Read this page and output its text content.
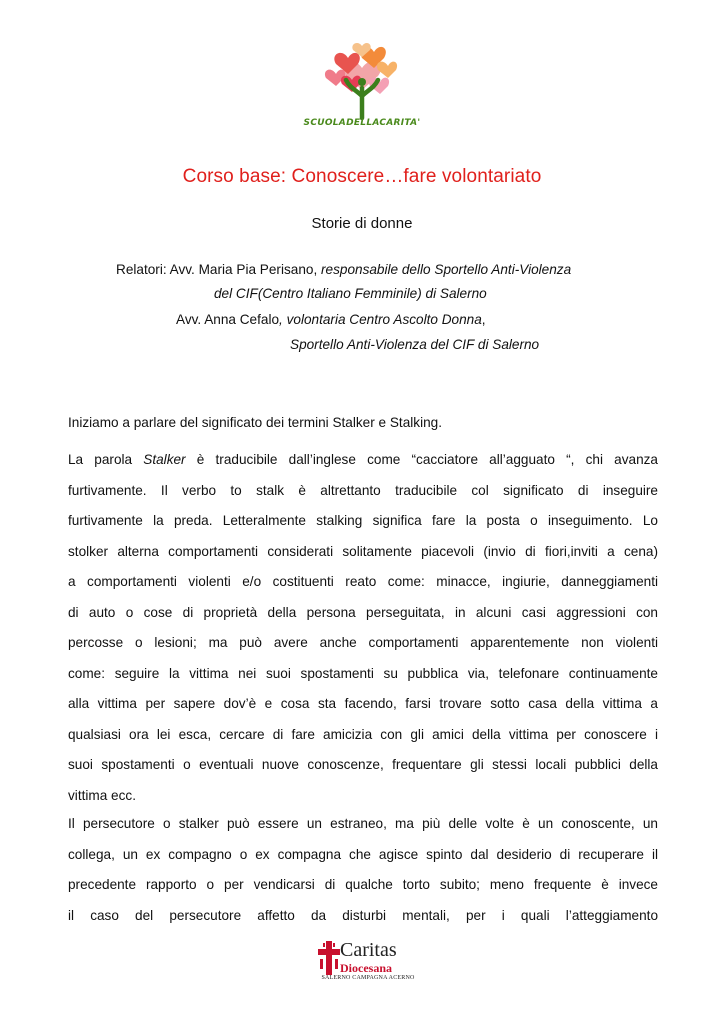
SCUOLADELLACARITA'
Corso base: Conoscere…fare volontariato
Storie di donne
Relatori: Avv. Maria Pia Perisano, responsabile dello Sportello Anti-Violenza
del CIF(Centro Italiano Femminile) di Salerno
Avv. Anna Cefalo, volontaria Centro Ascolto Donna,
Sportello Anti-Violenza del CIF di Salerno
Iniziamo a parlare del significato dei termini Stalker e Stalking.
La parola Stalker è traducibile dall’inglese come “cacciatore all’agguato “, chi avanza
furtivamente. Il verbo to stalk è altrettanto traducibile col significato di inseguire
furtivamente la preda. Letteralmente stalking significa fare la posta o inseguimento. Lo
stolker alterna comportamenti considerati solitamente piacevoli (invio di fiori,inviti a cena)
a comportamenti violenti e/o costituenti reato come: minacce, ingiurie, danneggiamenti
di auto o cose di proprietà della persona perseguitata, in alcuni casi aggressioni con
percosse o lesioni; ma può avere anche comportamenti apparentemente non violenti
come: seguire la vittima nei suoi spostamenti su pubblica via, telefonare continuamente
alla vittima per sapere dov’è e cosa sta facendo, farsi trovare sotto casa della vittima a
qualsiasi ora lei esca, cercare di fare amicizia con gli amici della vittima per conoscere i
suoi spostamenti o eventuali nuove conoscenze, frequentare gli stessi locali pubblici della
vittima ecc.
Il persecutore o stalker può essere un estraneo, ma più delle volte è un conoscente, un
collega, un ex compagno o ex compagna che agisce spinto dal desiderio di recuperare il
precedente rapporto o per vendicarsi di qualche torto subito; meno frequente è invece
il caso del persecutore affetto da disturbi mentali, per i quali l’atteggiamento
Caritas
Diocesana
SALERNO CAMPAGNA ACERNO
